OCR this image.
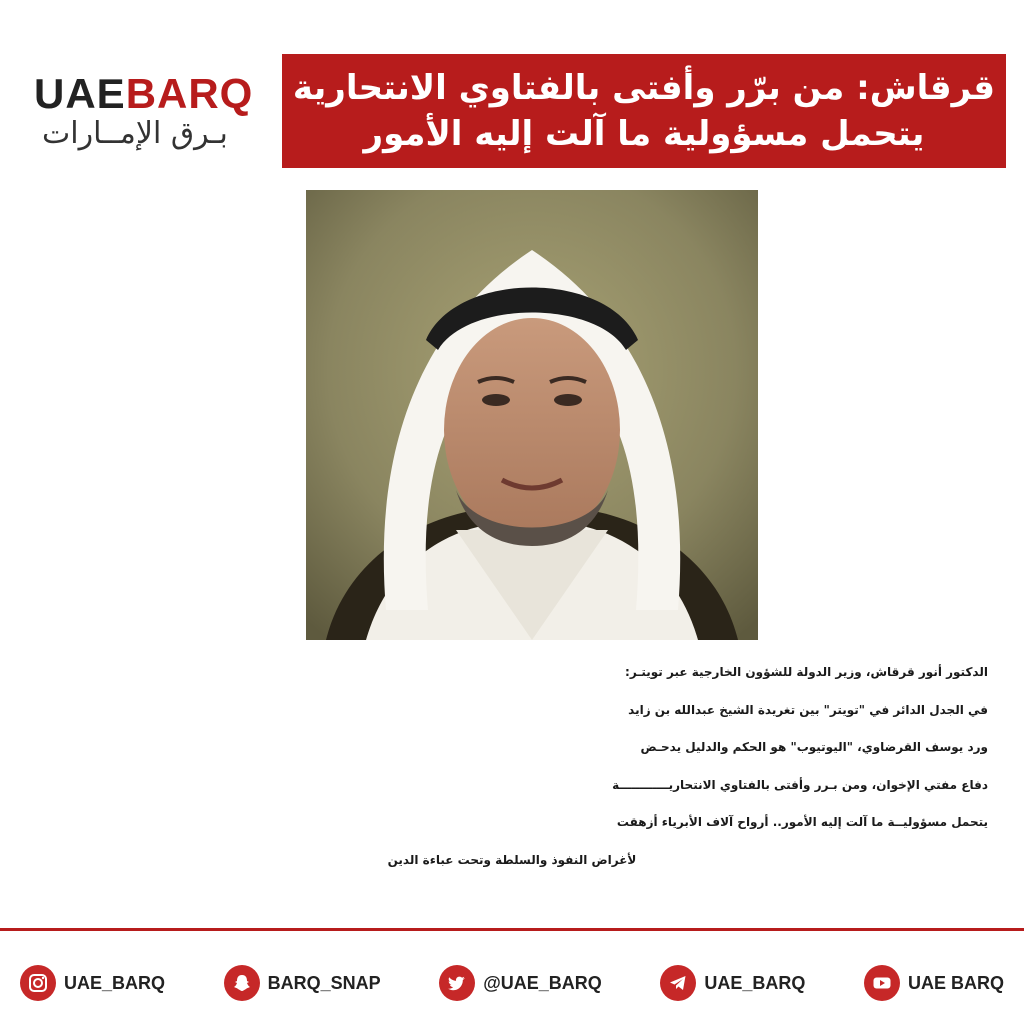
UAEBARQ
بـرق الإمــارات
قرقاش: من برّر وأفتى بالفتاوي الانتحارية
يتحمل مسؤولية ما آلت إليه الأمور
الدكتور أنور قرقاش، وزير الدولة للشؤون الخارجية عبر تويتـر:
في الجدل الدائر في "تويتر" بين تغريدة الشيخ عبدالله بن زايد
ورد يوسف القرضاوي، "اليوتيوب" هو الحكم والدليل يدحـض
دفاع مفتي الإخوان، ومن بـرر وأفتى بالفتاوي الانتحاريــــــــــــة
يتحمل مسؤوليــة ما آلت إليه الأمور.. أرواح آلاف الأبرياء أزهقت
لأغراض النفوذ والسلطة وتحت عباءة الدين
UAE_BARQ	BARQ_SNAP	@UAE_BARQ	UAE_BARQ	UAE BARQ
